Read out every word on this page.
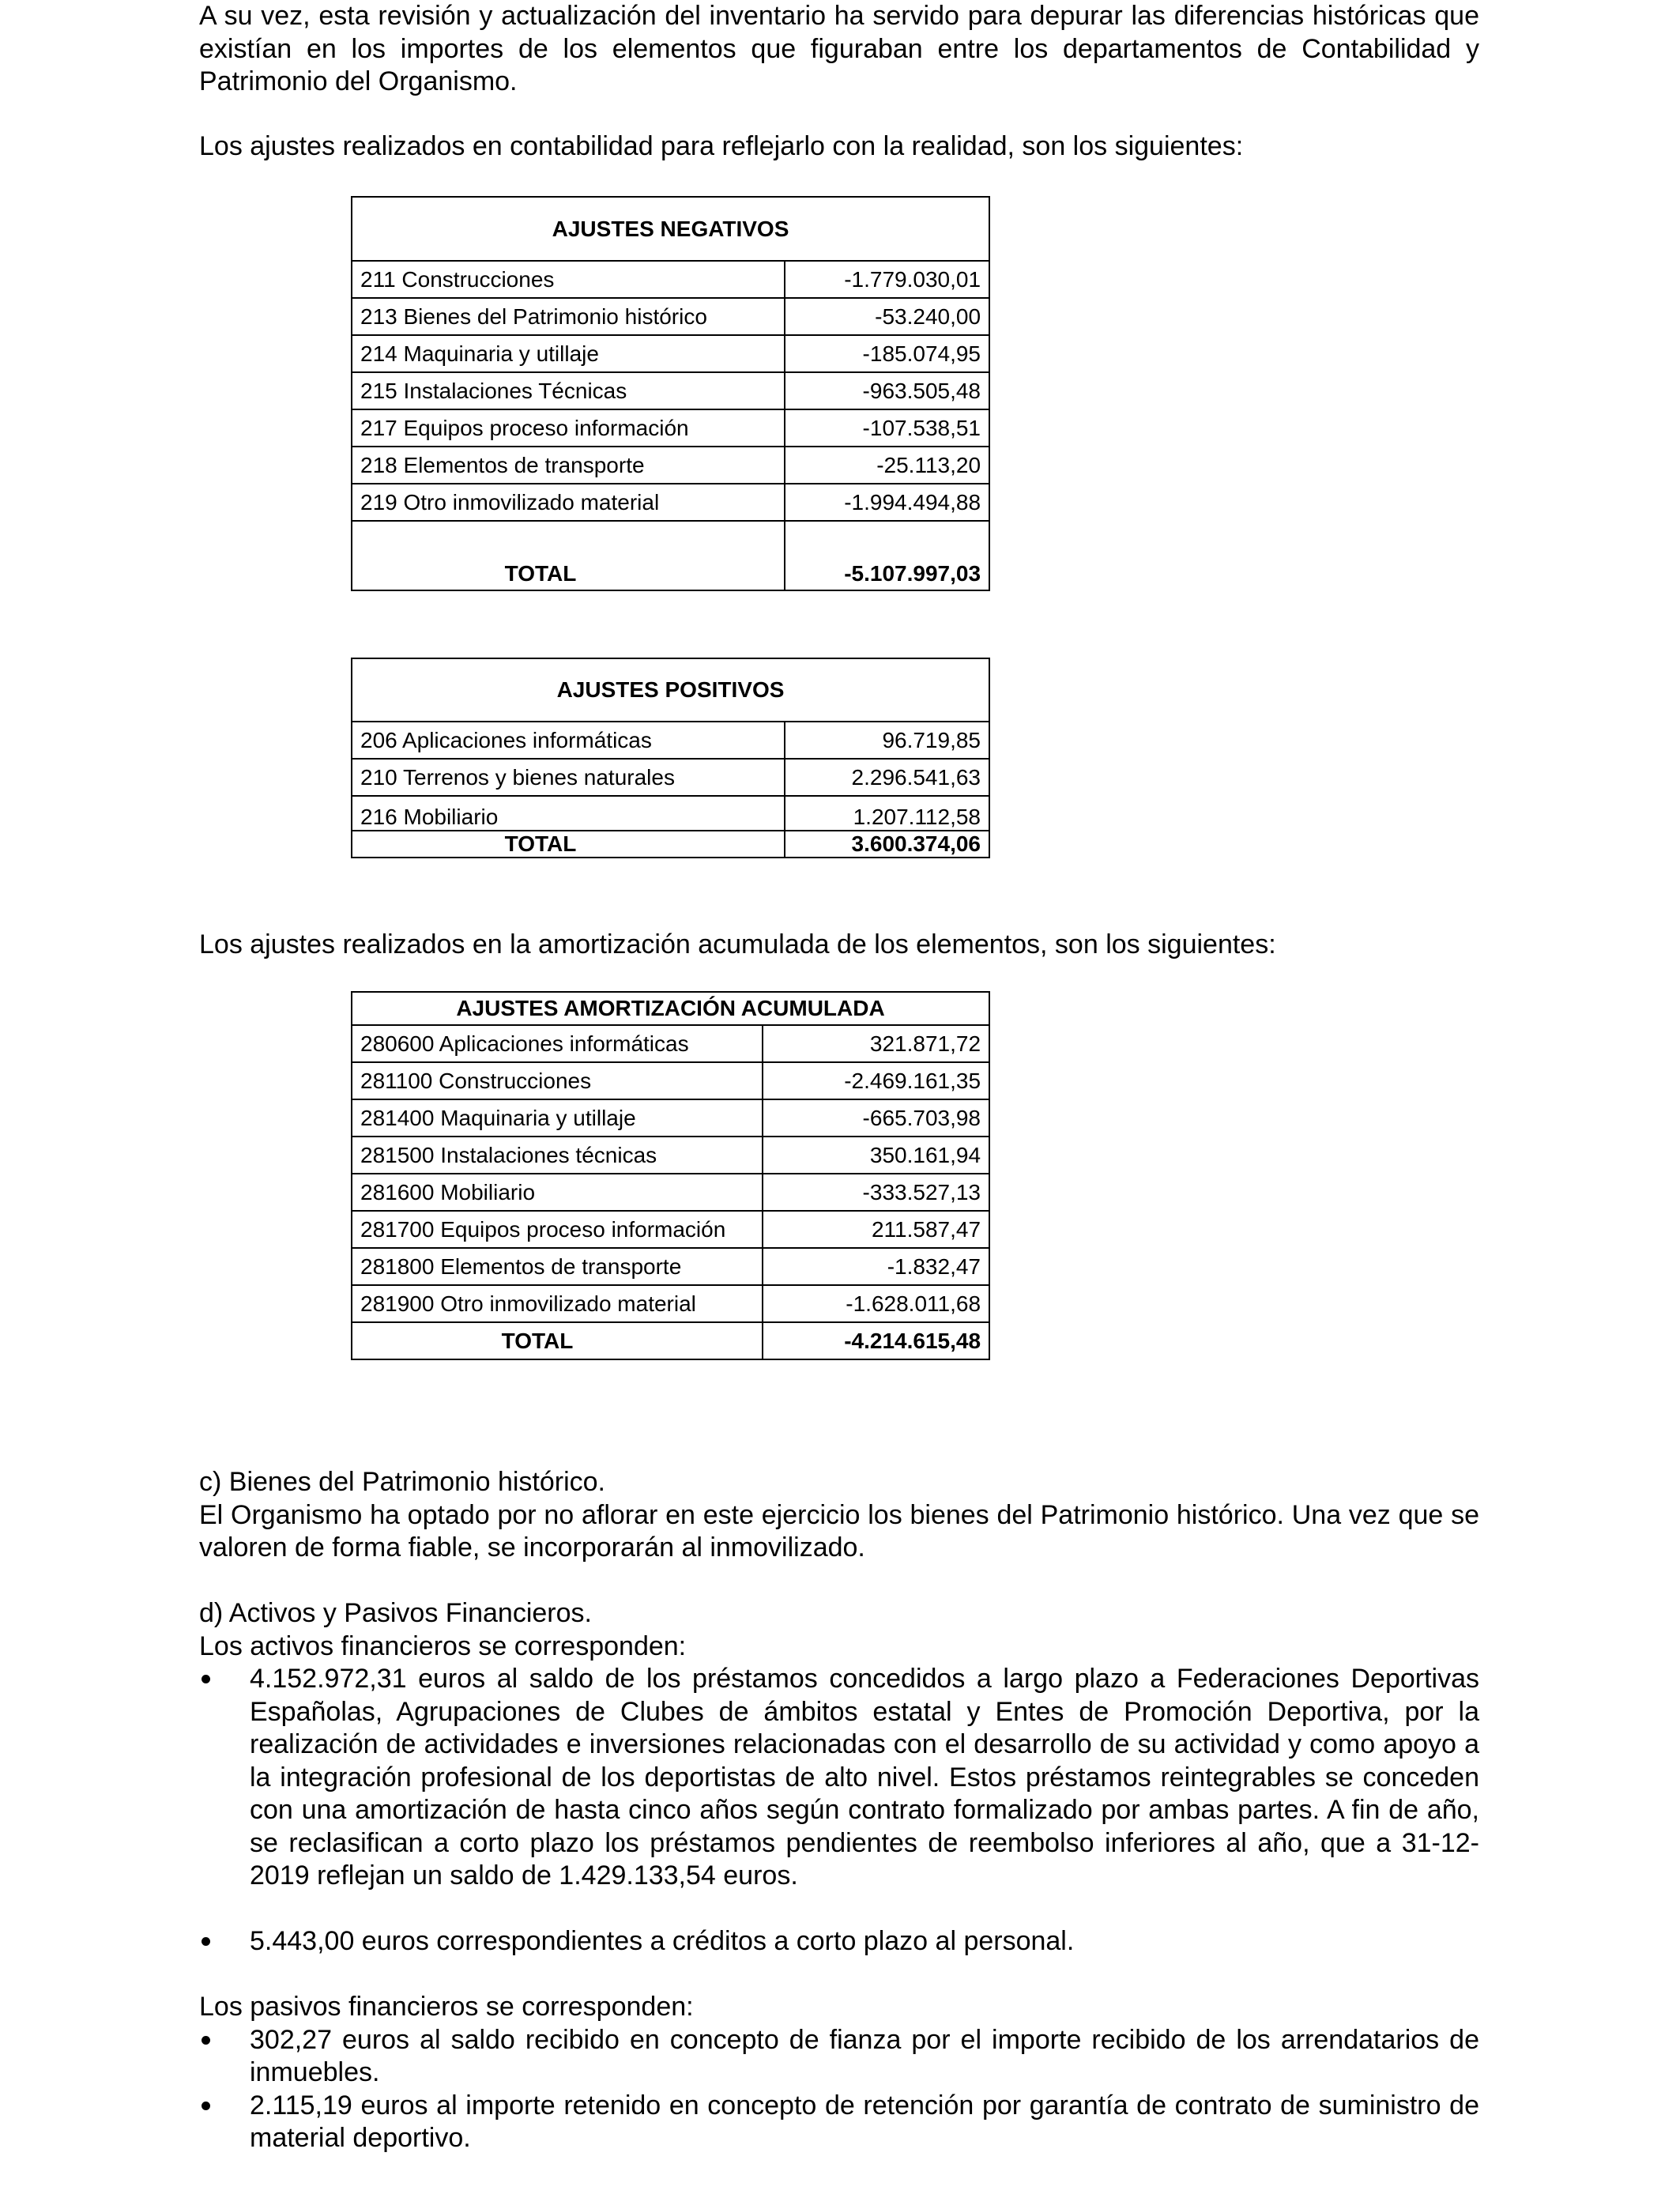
A su vez, esta revisión y actualización del inventario ha servido para depurar las diferencias históricas que existían en los importes de los elementos que figuraban entre los departamentos de Contabilidad y Patrimonio del Organismo.

Los ajustes realizados en contabilidad para reflejarlo con la realidad, son los siguientes:

AJUSTES NEGATIVOS	
211 Construcciones	-1.779.030,01
213 Bienes del Patrimonio histórico	-53.240,00
214 Maquinaria y utillaje	-185.074,95
215 Instalaciones Técnicas	-963.505,48
217 Equipos proceso información	-107.538,51
218 Elementos de transporte	-25.113,20
219 Otro inmovilizado material	-1.994.494,88
TOTAL	-5.107.997,03
AJUSTES POSITIVOS	
206 Aplicaciones informáticas	96.719,85
210 Terrenos y bienes naturales	2.296.541,63
216 Mobiliario	1.207.112,58
TOTAL	3.600.374,06

Los ajustes realizados en la amortización acumulada de los elementos, son los siguientes:

AJUSTES AMORTIZACIÓN ACUMULADA	
280600 Aplicaciones informáticas	321.871,72
281100 Construcciones	-2.469.161,35
281400 Maquinaria y utillaje	-665.703,98
281500 Instalaciones técnicas	350.161,94
281600 Mobiliario	-333.527,13
281700 Equipos proceso información	211.587,47
281800 Elementos de transporte	-1.832,47
281900 Otro inmovilizado material	-1.628.011,68
TOTAL	-4.214.615,48

c) Bienes del Patrimonio histórico.

El Organismo ha optado por no aflorar en este ejercicio los bienes del Patrimonio histórico. Una vez que se valoren de forma fiable, se incorporarán al inmovilizado.

d) Activos y Pasivos Financieros.

Los activos financieros se corresponden:

4.152.972,31 euros al saldo de los préstamos concedidos a largo plazo a Federaciones Deportivas Españolas, Agrupaciones de Clubes de ámbitos estatal y Entes de Promoción Deportiva, por la realización de actividades e inversiones relacionadas con el desarrollo de su actividad y como apoyo a la integración profesional de los deportistas de alto nivel. Estos préstamos reintegrables se conceden con una amortización de hasta cinco años según contrato formalizado por ambas partes. A fin de año, se reclasifican a corto plazo los préstamos pendientes de reembolso inferiores al año, que a 31-12-2019 reflejan un saldo de 1.429.133,54 euros.

5.443,00 euros correspondientes a créditos a corto plazo al personal.

Los pasivos financieros se corresponden:

302,27 euros al saldo recibido en concepto de fianza por el importe recibido de los arrendatarios de inmuebles.

2.115,19 euros al importe retenido en concepto de retención por garantía de contrato de suministro de material deportivo.
